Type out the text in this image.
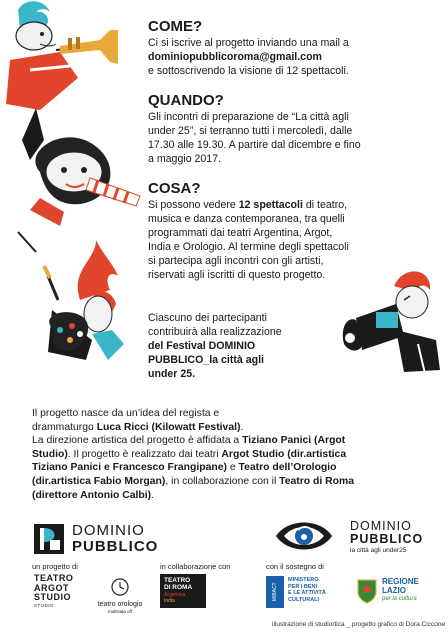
COME?

Ci si iscrive al progetto inviando una mail a

dominiopubblicoroma@gmail.com

e sottoscrivendo la visione di 12 spettacoli.

QUANDO?

Gli incontri di preparazione de “La città agli

under 25”, si terranno tutti i mercoledì, dalle

17.30 alle 19.30. A partire dal dicembre e fino

a maggio 2017.

COSA?

Si possono vedere 12 spettacoli di teatro,

musica e danza contemporanea, tra quelli

programmati dai teatri Argentina, Argot,

India e Orologio. Al termine degli spettacoli

si partecipa agli incontri con gli artisti,

riservati agli iscritti di questo progetto.

Ciascuno dei partecipanti

contribuirà alla realizzazione

del Festival DOMINIO

PUBBLICO_la città agli

under 25.

Il progetto nasce da un’idea del regista e
drammaturgo Luca Ricci (Kilowatt Festival).

La direzione artistica del progetto è affidata a Tiziano Panici (Argot
Studio). Il progetto è realizzato dai teatri Argot Studio (dir.artistica
Tiziano Panici e Francesco Frangipane) e Teatro dell’Orologio
(dir.artistica Fabio Morgan), in collaborazione con il Teatro di Roma
(direttore Antonio Calbi).

DOMINIO
PUBBLICO
DOMINIO
PUBBLICO
la città agli under25
un progetto di	in collaborazione con	con il sostegno di
TEATRO
ARGOT
STUDIO
STUDIO	teatro orologio
multisala off
TEATRO
DI ROMA
Argentina
India	MiBACT
MINISTERO
PER I BENI
E LE ATTIVITÀ
CULTURALI
REGIONE
LAZIO
per la cultura
illustrazione di studiortica _ progetto grafico di Dora Ciccone
